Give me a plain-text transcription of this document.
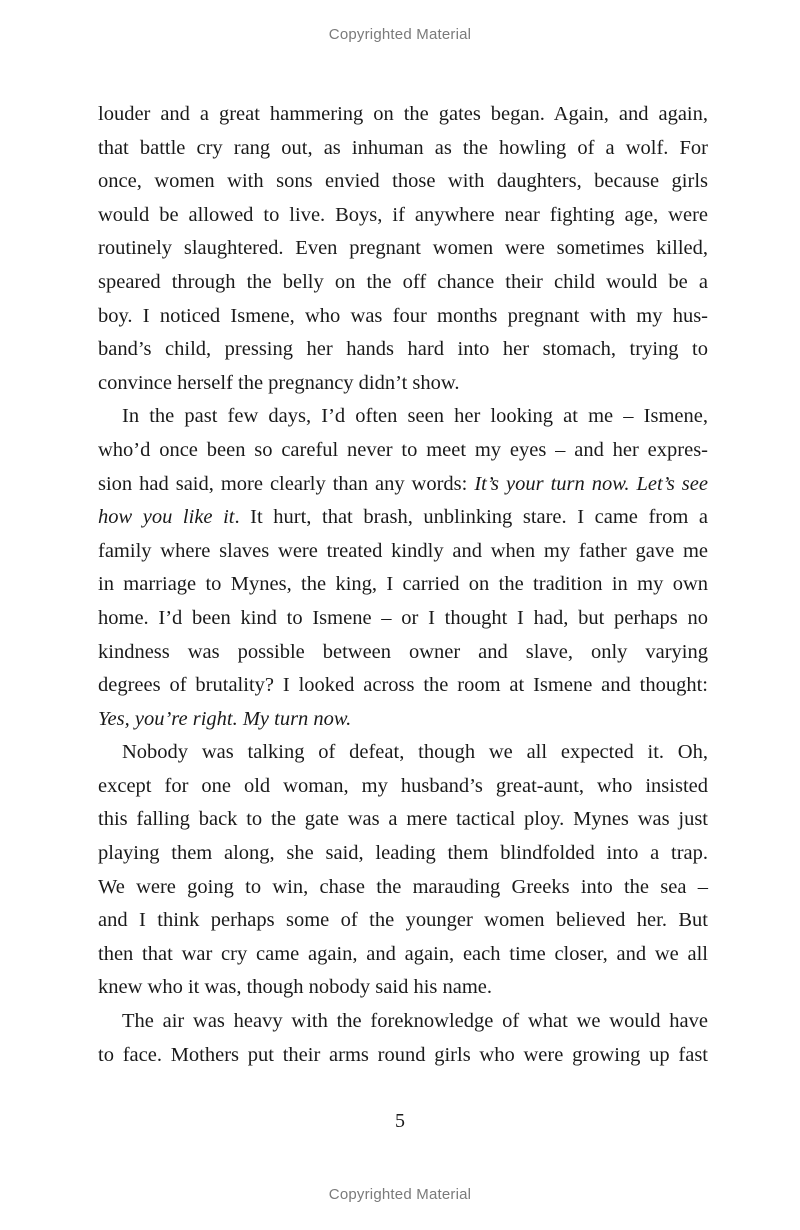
Copyrighted Material

louder and a great hammering on the gates began. Again, and again,
that battle cry rang out, as inhuman as the howling of a wolf. For
once, women with sons envied those with daughters, because girls
would be allowed to live. Boys, if anywhere near fighting age, were
routinely slaughtered. Even pregnant women were sometimes killed,
speared through the belly on the off chance their child would be a
boy. I noticed Ismene, who was four months pregnant with my hus-
band’s child, pressing her hands hard into her stomach, trying to
convince herself the pregnancy didn’t show.

In the past few days, I’d often seen her looking at me – Ismene,
who’d once been so careful never to meet my eyes – and her expres-
sion had said, more clearly than any words: It’s your turn now. Let’s see
how you like it. It hurt, that brash, unblinking stare. I came from a
family where slaves were treated kindly and when my father gave me
in marriage to Mynes, the king, I carried on the tradition in my own
home. I’d been kind to Ismene – or I thought I had, but perhaps no
kindness was possible between owner and slave, only varying
degrees of brutality? I looked across the room at Ismene and thought:
Yes, you’re right. My turn now.

Nobody was talking of defeat, though we all expected it. Oh,
except for one old woman, my husband’s great-aunt, who insisted
this falling back to the gate was a mere tactical ploy. Mynes was just
playing them along, she said, leading them blindfolded into a trap.
We were going to win, chase the marauding Greeks into the sea –
and I think perhaps some of the younger women believed her. But
then that war cry came again, and again, each time closer, and we all
knew who it was, though nobody said his name.

The air was heavy with the foreknowledge of what we would have
to face. Mothers put their arms round girls who were growing up fast

5
Copyrighted Material
